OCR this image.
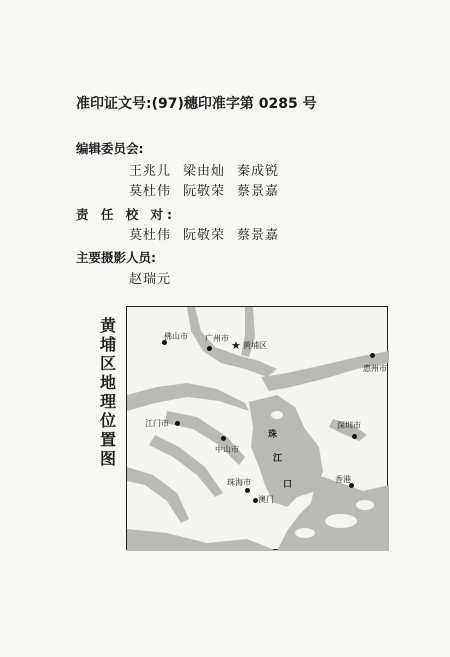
准印证文号:(97)穗印准字第 0285 号
编辑委员会:
王兆儿 梁由灿 秦成锐
莫杜伟 阮敬荣 蔡景嘉
责 任 校 对:
莫杜伟 阮敬荣 蔡景嘉
主要摄影人员:
赵瑞元
黄
埔
区
地
理
位
置
图
佛山市 广州市
★ 黄埔区
惠州市
江门市
中山市
深圳市
珠海市
澳门
香港
珠
江
口
